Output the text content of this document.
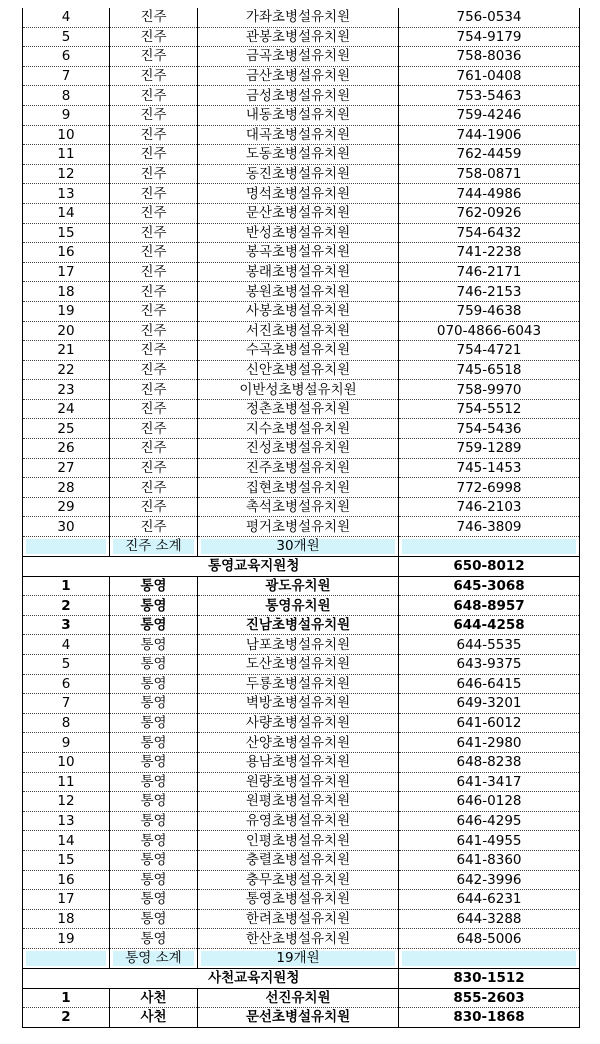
4	진주	가좌초병설유치원	756-0534
5	진주	관봉초병설유치원	754-9179
6	진주	금곡초병설유치원	758-8036
7	진주	금산초병설유치원	761-0408
8	진주	금성초병설유치원	753-5463
9	진주	내동초병설유치원	759-4246
10	진주	대곡초병설유치원	744-1906
11	진주	도동초병설유치원	762-4459
12	진주	동진초병설유치원	758-0871
13	진주	명석초병설유치원	744-4986
14	진주	문산초병설유치원	762-0926
15	진주	반성초병설유치원	754-6432
16	진주	봉곡초병설유치원	741-2238
17	진주	봉래초병설유치원	746-2171
18	진주	봉원초병설유치원	746-2153
19	진주	사봉초병설유치원	759-4638
20	진주	서진초병설유치원	070-4866-6043
21	진주	수곡초병설유치원	754-4721
22	진주	신안초병설유치원	745-6518
23	진주	이반성초병설유치원	758-9970
24	진주	정촌초병설유치원	754-5512
25	진주	지수초병설유치원	754-5436
26	진주	진성초병설유치원	759-1289
27	진주	진주초병설유치원	745-1453
28	진주	집현초병설유치원	772-6998
29	진주	촉석초병설유치원	746-2103
30	진주	평거초병설유치원	746-3809

	진주 소계	30개원	

	통영교육지원청		650-8012
1	통영	광도유치원	645-3068
2	통영	통영유치원	648-8957
3	통영	진남초병설유치원	644-4258
4	통영	남포초병설유치원	644-5535
5	통영	도산초병설유치원	643-9375
6	통영	두룡초병설유치원	646-6415
7	통영	벽방초병설유치원	649-3201
8	통영	사량초병설유치원	641-6012
9	통영	산양초병설유치원	641-2980
10	통영	용남초병설유치원	648-8238
11	통영	원량초병설유치원	641-3417
12	통영	원평초병설유치원	646-0128
13	통영	유영초병설유치원	646-4295
14	통영	인평초병설유치원	641-4955
15	통영	충렬초병설유치원	641-8360
16	통영	충무초병설유치원	642-3996
17	통영	통영초병설유치원	644-6231
18	통영	한려초병설유치원	644-3288
19	통영	한산초병설유치원	648-5006

	통영 소계	19개원	

	사천교육지원청		830-1512
1	사천	선진유치원	855-2603
2	사천	문선초병설유치원	830-1868
